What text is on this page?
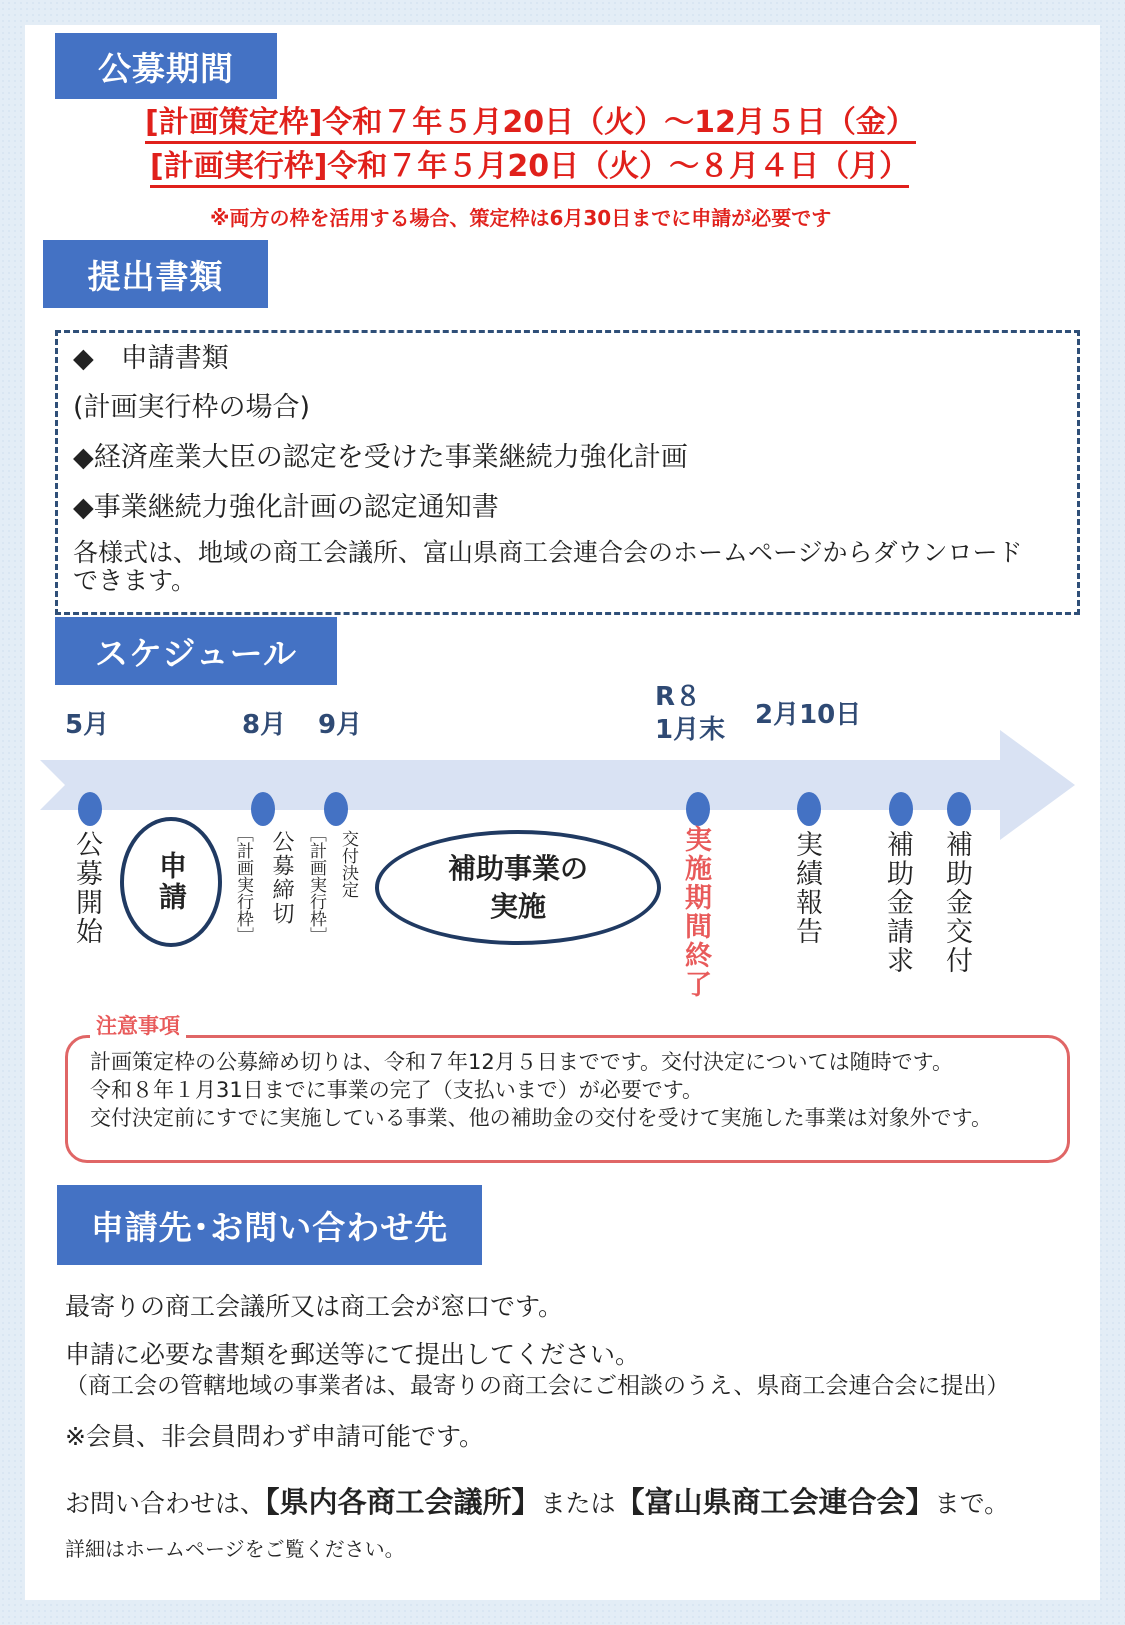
公募期間
[計画策定枠]令和７年５月20日（火）～12月５日（金）
[計画実行枠]令和７年５月20日（火）～８月４日（月）
※両方の枠を活用する場合、策定枠は6月30日までに申請が必要です
提出書類
◆　申請書類
(計画実行枠の場合)
◆経済産業大臣の認定を受けた事業継続力強化計画
◆事業継続力強化計画の認定通知書
各様式は、地域の商工会議所、富山県商工会連合会のホームページからダウンロード
できます。
スケジュール
5月	8月 9月
R８
1月末 2月10日
公募開始 申請	［計画実行枠］ 公募締切 ［計画実行枠］ 交付決定	補助事業の
実施	実施期間終了	実績報告 補助金請求 補助金交付
計画策定枠の公募締め切りは、令和７年12月５日までです。交付決定については随時です。
令和８年１月31日までに事業の完了（支払いまで）が必要です。
交付決定前にすでに実施している事業、他の補助金の交付を受けて実施した事業は対象外です。
注意事項
申請先･お問い合わせ先
最寄りの商工会議所又は商工会が窓口です。
申請に必要な書類を郵送等にて提出してください。
（商工会の管轄地域の事業者は、最寄りの商工会にご相談のうえ、県商工会連合会に提出）
※会員、非会員問わず申請可能です。
お問い合わせは、【県内各商工会議所】または【富山県商工会連合会】まで。
詳細はホームページをご覧ください。
